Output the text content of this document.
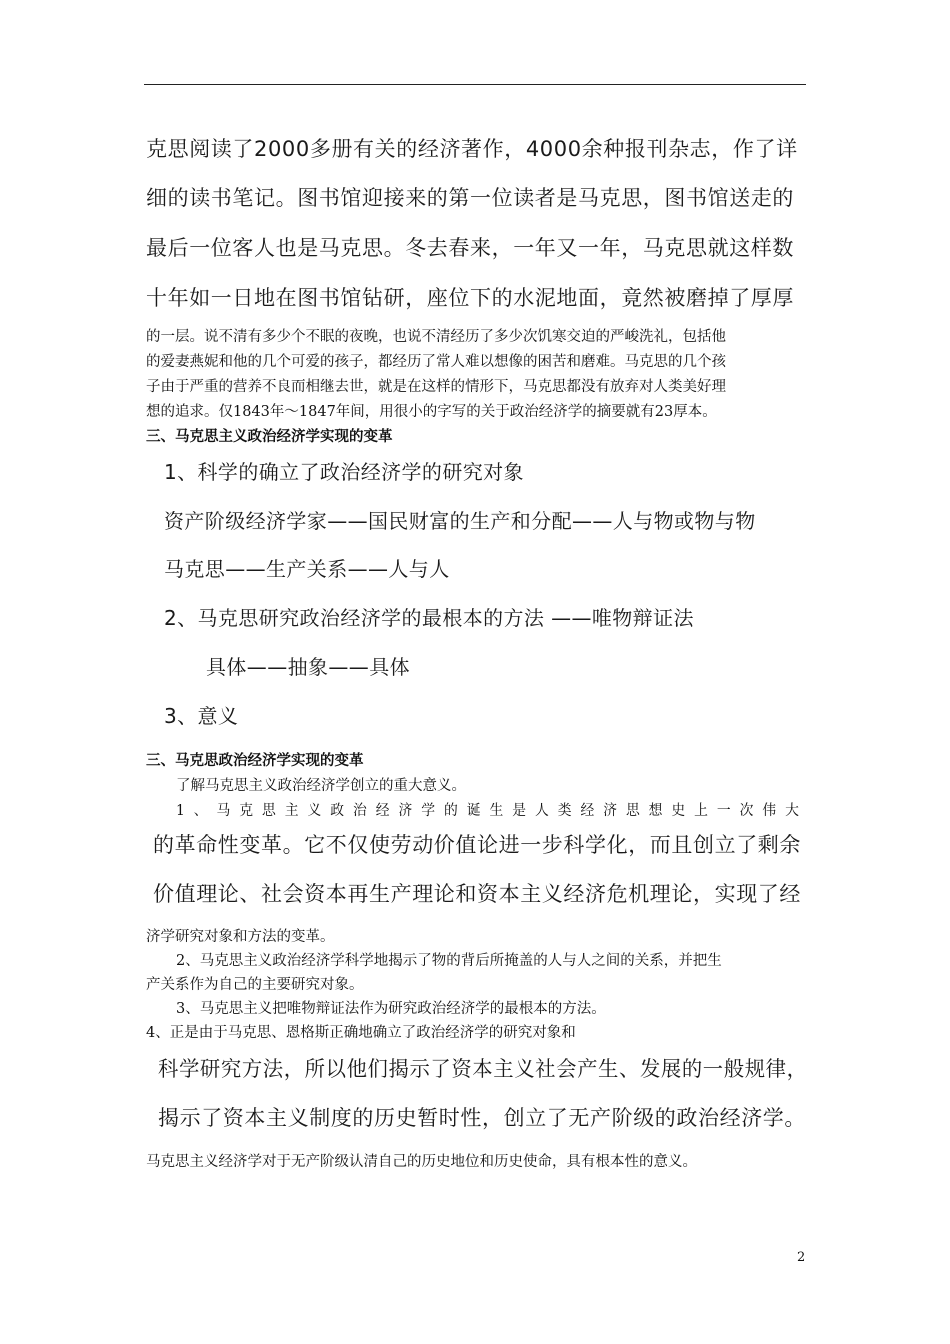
克思阅读了2000多册有关的经济著作，4000余种报刊杂志，作了详
细的读书笔记。图书馆迎接来的第一位读者是马克思，图书馆送走的
最后一位客人也是马克思。冬去春来，一年又一年，马克思就这样数
十年如一日地在图书馆钻研，座位下的水泥地面，竟然被磨掉了厚厚
的一层。说不清有多少个不眠的夜晚，也说不清经历了多少次饥寒交迫的严峻洗礼，包括他
的爱妻燕妮和他的几个可爱的孩子，都经历了常人难以想像的困苦和磨难。马克思的几个孩
子由于严重的营养不良而相继去世，就是在这样的情形下，马克思都没有放弃对人类美好理
想的追求。仅1843年～1847年间，用很小的字写的关于政治经济学的摘要就有23厚本。
三、马克思主义政治经济学实现的变革
1、科学的确立了政治经济学的研究对象
资产阶级经济学家——国民财富的生产和分配——人与物或物与物
马克思——生产关系——人与人
2、马克思研究政治经济学的最根本的方法 ——唯物辩证法
具体——抽象——具体
3、意义
三、马克思政治经济学实现的变革
了解马克思主义政治经济学创立的重大意义。
1、马克思主义政治经济学的诞生是人类经济思想史上一次伟大
的革命性变革。它不仅使劳动价值论进一步科学化，而且创立了剩余
价值理论、社会资本再生产理论和资本主义经济危机理论，实现了经
济学研究对象和方法的变革。
2、马克思主义政治经济学科学地揭示了物的背后所掩盖的人与人之间的关系，并把生
产关系作为自己的主要研究对象。
3、马克思主义把唯物辩证法作为研究政治经济学的最根本的方法。
4、正是由于马克思、恩格斯正确地确立了政治经济学的研究对象和
科学研究方法，所以他们揭示了资本主义社会产生、发展的一般规律，
揭示了资本主义制度的历史暂时性，创立了无产阶级的政治经济学。
马克思主义经济学对于无产阶级认清自己的历史地位和历史使命，具有根本性的意义。
2
